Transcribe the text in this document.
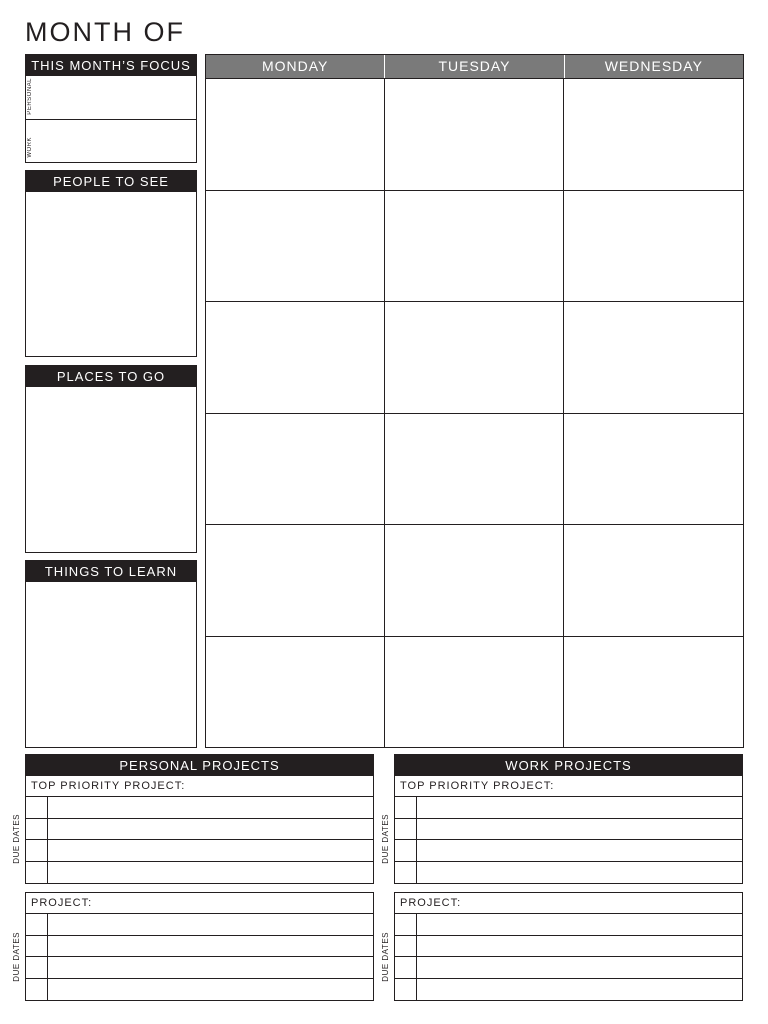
MONTH OF
THIS MONTH’S FOCUS
PERSONAL
WORK
PEOPLE TO SEE
PLACES TO GO
THINGS TO LEARN
MONDAY	TUESDAY	WEDNESDAY
PERSONAL PROJECTS
TOP PRIORITY PROJECT:
DUE DATES
PROJECT:
DUE DATES
WORK PROJECTS
TOP PRIORITY PROJECT:
DUE DATES
PROJECT:
DUE DATES
